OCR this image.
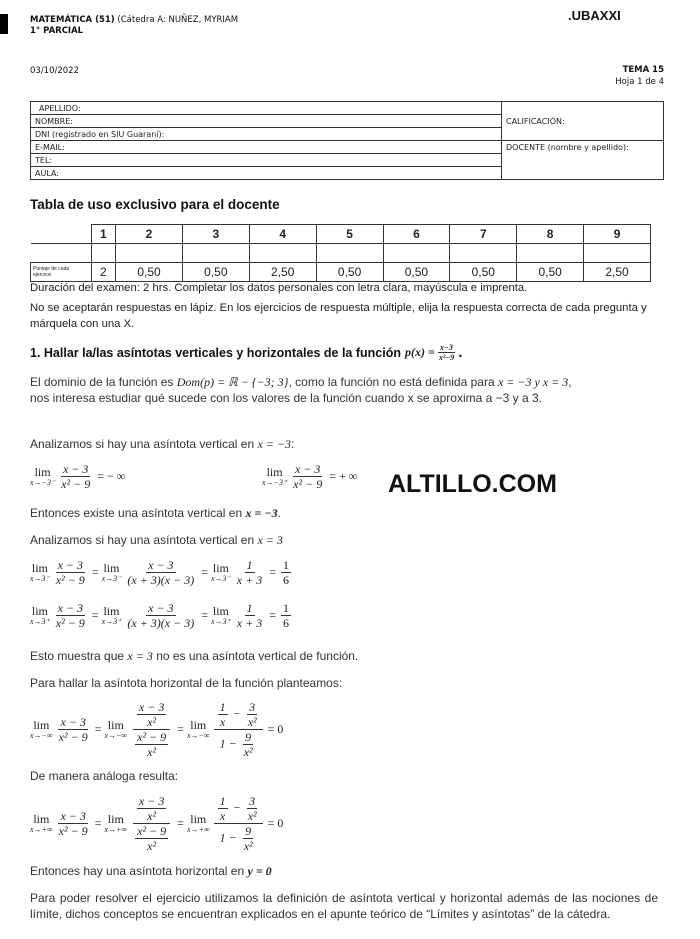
MATEMÁTICA (51) (Cátedra A: NUÑEZ, MYRIAM
1° PARCIAL
.UBAXXI
03/10/2022	TEMA 15
Hoja 1 de 4
APELLIDO:	CALIFICACIÓN:
NOMBRE:	
DNI (registrado en SIU Guaraní):	
E-MAIL:	DOCENTE (nombre y apellido):
TEL:	
AULA:	
Tabla de uso exclusivo para el docente
	1	2	3	4	5	6	7	8	9

Puntaje de cada ejercicio	2	0,50	0,50	2,50	0,50	0,50	0,50	0,50	2,50
Duración del examen: 2 hrs. Completar los datos personales con letra clara, mayúscula e imprenta.
No se aceptarán respuestas en lápiz. En los ejercicios de respuesta múltiple, elija la respuesta correcta de cada pregunta y márquela con una X.
1. Hallar la/las asíntotas verticales y horizontales de la función $p(x) = \frac{x-3}{\text{x²−9}}$ .
El dominio de la función es Dom(p) = ℝ − {−3; 3}, como la función no está definida para x = −3 y x = 3,
nos interesa estudiar qué sucede con los valores de la función cuando x se aproxima a −3 y a 3.
Analizamos si hay una asíntota vertical en x = −3:
lim
$x\to-3^- \frac{x - 3}{\text{x² − 9}}$ = − ∞	lim
$x\to-3^+ \frac{x - 3}{\text{x² − 9}}$ = + ∞ ALTILLO.COM
Entonces existe una asíntota vertical en x = −3.
Analizamos si hay una asíntota vertical en x = 3
lim
$x\to 3^- \frac{x - 3}{\text{x² − 9}} = \lim$
$x\to 3^- \frac{x - 3}{(x + 3)(x - 3)} = \lim$
$x\to 3^- \frac{1}{x + 3} = \frac{1}{6}$
lim
$x\to 3^+ \frac{x - 3}{\text{x² − 9}} = \lim$
$x\to 3^+ \frac{x - 3}{(x + 3)(x - 3)} = \lim$
$x\to 3^+ \frac{1}{x + 3} = \frac{1}{6}$
Esto muestra que x = 3 no es una asíntota vertical de función.
Para hallar la asíntota horizontal de la función planteamos:
lim
$x\to-\infty \frac{x - 3}{\text{x² − 9}} = \lim$
$x\to-\infty \frac{\frac{x - 3}{\text{x²}}}{\frac{\text{x² − 9}}{\text{x²}}} = \lim$
$x\to-\infty \frac{\frac{1}{x} - \frac{3}{\text{x²}}}{1 - \frac{9}{\text{x²}}} = 0$
De manera análoga resulta:
lim
$x\to+\infty \frac{x - 3}{\text{x² − 9}} = \lim$
$x\to+\infty \frac{\frac{x - 3}{\text{x²}}}{\frac{\text{x² − 9}}{\text{x²}}} = \lim$
$x\to+\infty \frac{\frac{1}{x} - \frac{3}{\text{x²}}}{1 - \frac{9}{\text{x²}}} = 0$
Entonces hay una asíntota horizontal en y = 0
Para poder resolver el ejercicio utilizamos la definición de asíntota vertical y horizontal además de las nociones de límite, dichos conceptos se encuentran explicados en el apunte teórico de “Límites y asíntotas” de la cátedra.
